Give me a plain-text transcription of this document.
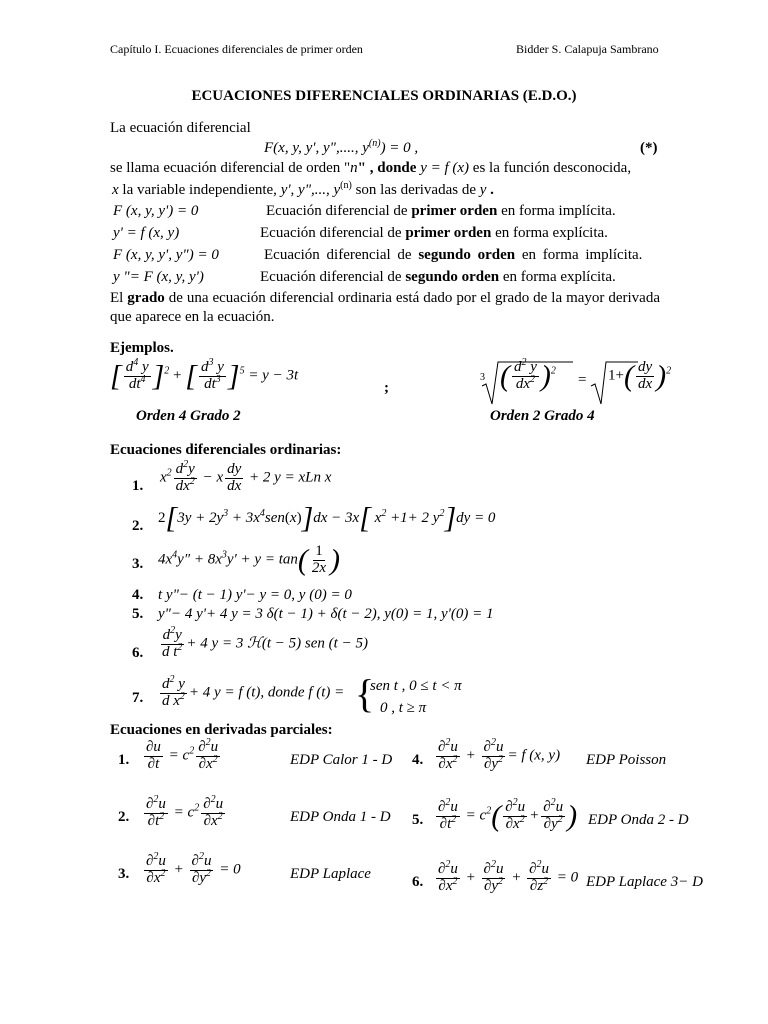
Capítulo I. Ecuaciones diferenciales de primer orden	Bidder S. Calapuja Sambrano
ECUACIONES DIFERENCIALES ORDINARIAS (E.D.O.)
La ecuación diferencial
F(x, y, y', y",...., $y^{(n)}) = 0$ ,	(*)
se llama ecuación diferencial de orden "n" , donde y = f (x) es la función desconocida,
x la variable independiente, y', y",..., $y^{(n)}$ son las derivadas de y .
F (x, y, y') = 0	Ecuación diferencial de primer orden en forma implícita.
y' = f (x, y)	Ecuación diferencial de primer orden en forma explícita.
F (x, y, y', y") = 0	Ecuación diferencial de segundo orden en forma implícita.
y "= F (x, y, y')	Ecuación diferencial de segundo orden en forma explícita.
El grado de una ecuación diferencial ordinaria está dado por el grado de la mayor derivada que aparece en la ecuación.
Ejemplos.
[ $\frac{d^4 y}{dt^4} ]^2$ + [ $\frac{d^3 y}{dt^3} ]^5 = y - 3t$
;
3 ( $\frac{d^2 y}{dx^2} )^2$
= $1+( \frac{dy}{dx} )^2$
Orden 4 Grado 2	Orden 2 Grado 4
Ecuaciones diferenciales ordinarias:
1.
$x^2 \frac{d^2y}{dx^2} - x \frac{dy}{dx} + 2$ y = xLn x
2. $2[3y + 2y^3 + 3x^4sen(x)]dx - 3x$[ $x^2 +1+ 2$ $y^2]dy = 0$
3. $4x^4y'' + 8x^3y' + y = \tan( \frac{1}{2x}$ )
4. t y"− (t − 1) y'− y = 0, y (0) = 0
5. y"− 4 y'+ 4 y = 3 δ(t − 1) + δ(t − 2), y(0) = 1, y'(0) = 1
6. $\frac{d^2y}{d t^2} + 4$ y = 3 ℋ(t − 5) sen (t − 5)
7. $\frac{d^2 y}{d x^2} + 4$ y = f (t), donde f (t) = {
sen t , 0 ≤ t < π
0 , t ≥ π
Ecuaciones en derivadas parciales:
1. $\frac{\partial u}{\partial t} = c^2 \frac{\partial^2u}{\partial x^2}$	EDP Calor 1 - D 4. $\frac{\partial^2u}{\partial x^2} + \frac{\partial^2u}{\partial y^2} = f$ (x, y) EDP Poisson
2. $\frac{\partial^2u}{\partial t^2} = c^2 \frac{\partial^2u}{\partial x^2}$	EDP Onda 1 - D 5. $\frac{\partial^2u}{\partial t^2} = c^2( \frac{\partial^2u}{\partial x^2} + \frac{\partial^2u}{\partial y^2}$ ) EDP Onda 2 - D
3. $\frac{\partial^2u}{\partial x^2} + \frac{\partial^2u}{\partial y^2} = 0$	EDP Laplace	6. $\frac{\partial^2u}{\partial x^2} + \frac{\partial^2u}{\partial y^2} + \frac{\partial^2u}{\partial z^2} = 0$ EDP Laplace 3− D
